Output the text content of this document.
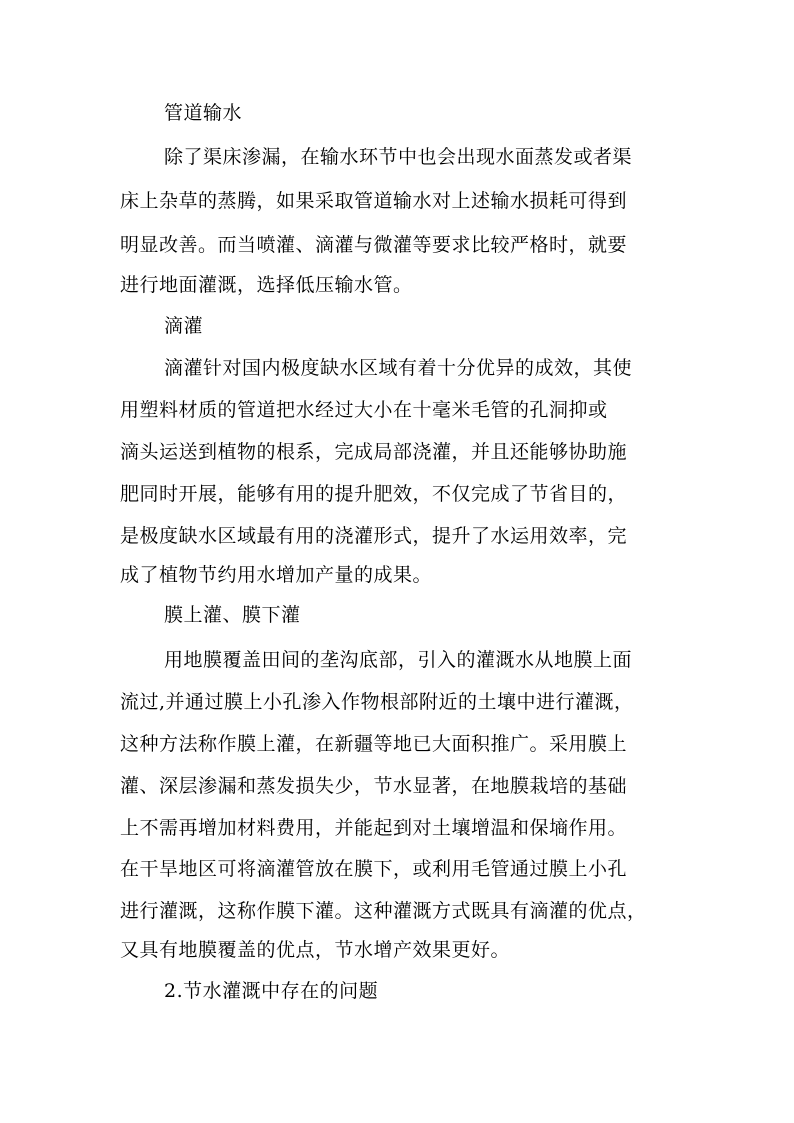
管道输水
除了渠床渗漏，在输水环节中也会出现水面蒸发或者渠
床上杂草的蒸腾，如果采取管道输水对上述输水损耗可得到
明显改善。而当喷灌、滴灌与微灌等要求比较严格时，就要
进行地面灌溉，选择低压输水管。
滴灌
滴灌针对国内极度缺水区域有着十分优异的成效，其使
用塑料材质的管道把水经过大小在十毫米毛管的孔洞抑或
滴头运送到植物的根系，完成局部浇灌，并且还能够协助施
肥同时开展，能够有用的提升肥效，不仅完成了节省目的，
是极度缺水区域最有用的浇灌形式，提升了水运用效率，完
成了植物节约用水增加产量的成果。
膜上灌、膜下灌
用地膜覆盖田间的垄沟底部，引入的灌溉水从地膜上面
流过,并通过膜上小孔渗入作物根部附近的土壤中进行灌溉，
这种方法称作膜上灌，在新疆等地已大面积推广。采用膜上
灌、深层渗漏和蒸发损失少，节水显著，在地膜栽培的基础
上不需再增加材料费用，并能起到对土壤增温和保墒作用。
在干旱地区可将滴灌管放在膜下，或利用毛管通过膜上小孔
进行灌溉，这称作膜下灌。这种灌溉方式既具有滴灌的优点，
又具有地膜覆盖的优点，节水增产效果更好。
2.节水灌溉中存在的问题
